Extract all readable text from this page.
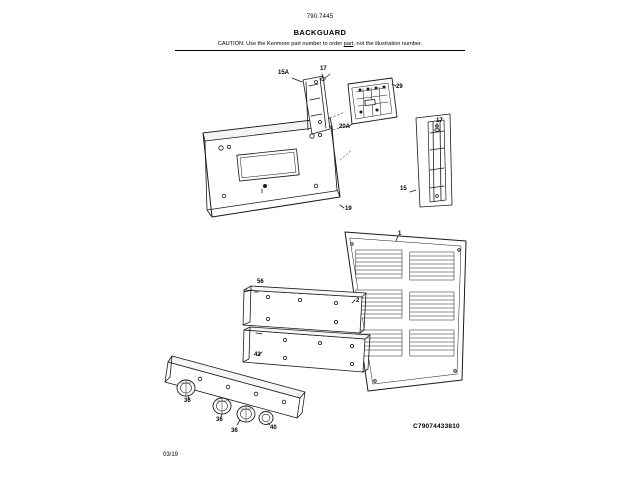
790.7445
BACKGUARD
CAUTION: Use the Kenmore part number to order part, not the illustration number.
15A
17
29
20A
17
15
19
1
56
2
42
36
36
36	40	C79074433810
03/19
